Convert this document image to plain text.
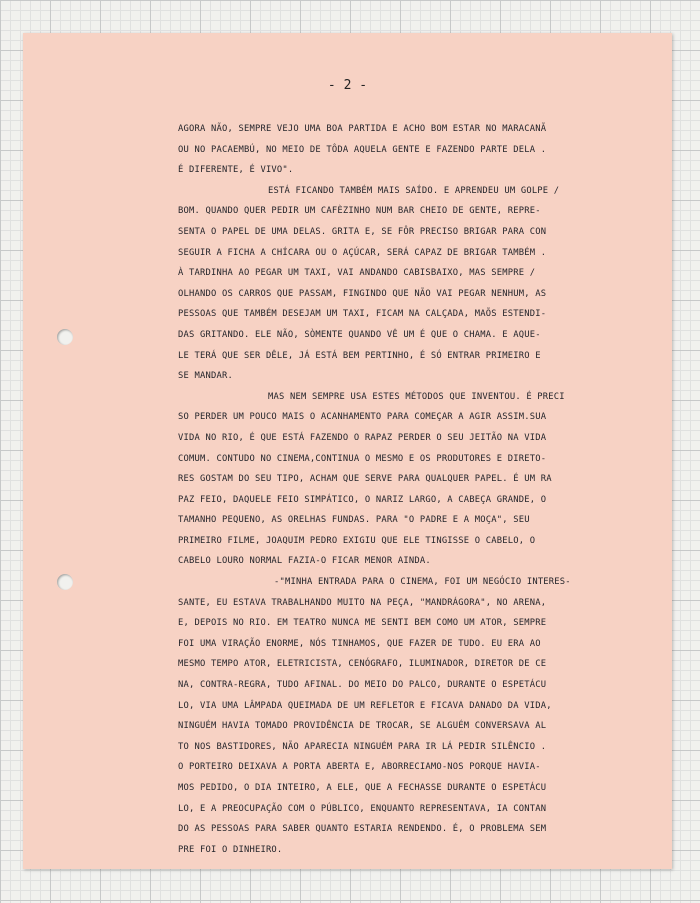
- 2 -
AGORA NÃO, SEMPRE VEJO UMA BOA PARTIDA E ACHO BOM ESTAR NO MARACANÃ
OU NO PACAEMBÚ, NO MEIO DE TÔDA AQUELA GENTE E FAZENDO PARTE DELA .
É DIFERENTE, É VIVO".
ESTÁ FICANDO TAMBÉM MAIS SAÍDO. E APRENDEU UM GOLPE /
BOM. QUANDO QUER PEDIR UM CAFÈZINHO NUM BAR CHEIO DE GENTE, REPRE-
SENTA O PAPEL DE UMA DELAS. GRITA E, SE FÔR PRECISO BRIGAR PARA CON
SEGUIR A FICHA A CHÍCARA OU O AÇÚCAR, SERÁ CAPAZ DE BRIGAR TAMBÉM .
À TARDINHA AO PEGAR UM TAXI, VAI ANDANDO CABISBAIXO, MAS SEMPRE /
OLHANDO OS CARROS QUE PASSAM, FINGINDO QUE NÃO VAI PEGAR NENHUM, AS
PESSOAS QUE TAMBÉM DESEJAM UM TAXI, FICAM NA CALÇADA, MAÕS ESTENDI-
DAS GRITANDO. ELE NÃO, SÒMENTE QUANDO VÊ UM É QUE O CHAMA. E AQUE-
LE TERÁ QUE SER DÊLE, JÁ ESTÁ BEM PERTINHO, É SÓ ENTRAR PRIMEIRO E
SE MANDAR.
MAS NEM SEMPRE USA ESTES MÉTODOS QUE INVENTOU. É PRECI
SO PERDER UM POUCO MAIS O ACANHAMENTO PARA COMEÇAR A AGIR ASSIM.SUA
VIDA NO RIO, É QUE ESTÁ FAZENDO O RAPAZ PERDER O SEU JEITÃO NA VIDA
COMUM. CONTUDO NO CINEMA,CONTINUA O MESMO E OS PRODUTORES E DIRETO-
RES GOSTAM DO SEU TIPO, ACHAM QUE SERVE PARA QUALQUER PAPEL. É UM RA
PAZ FEIO, DAQUELE FEIO SIMPÁTICO, O NARIZ LARGO, A CABEÇA GRANDE, O
TAMANHO PEQUENO, AS ORELHAS FUNDAS. PARA "O PADRE E A MOÇA", SEU
PRIMEIRO FILME, JOAQUIM PEDRO EXIGIU QUE ELE TINGISSE O CABELO, O
CABELO LOURO NORMAL FAZIA-O FICAR MENOR AINDA.
-"MINHA ENTRADA PARA O CINEMA, FOI UM NEGÓCIO INTERES-
SANTE, EU ESTAVA TRABALHANDO MUITO NA PEÇA, "MANDRÁGORA", NO ARENA,
E, DEPOIS NO RIO. EM TEATRO NUNCA ME SENTI BEM COMO UM ATOR, SEMPRE
FOI UMA VIRAÇÃO ENORME, NÓS TINHAMOS, QUE FAZER DE TUDO. EU ERA AO
MESMO TEMPO ATOR, ELETRICISTA, CENÓGRAFO, ILUMINADOR, DIRETOR DE CE
NA, CONTRA-REGRA, TUDO AFINAL. DO MEIO DO PALCO, DURANTE O ESPETÁCU
LO, VIA UMA LÂMPADA QUEIMADA DE UM REFLETOR E FICAVA DANADO DA VIDA,
NINGUÉM HAVIA TOMADO PROVIDÊNCIA DE TROCAR, SE ALGUÉM CONVERSAVA AL
TO NOS BASTIDORES, NÃO APARECIA NINGUÉM PARA IR LÁ PEDIR SILÊNCIO .
O PORTEIRO DEIXAVA A PORTA ABERTA E, ABORRECIAMO-NOS PORQUE HAVIA-
MOS PEDIDO, O DIA INTEIRO, A ELE, QUE A FECHASSE DURANTE O ESPETÁCU
LO, E A PREOCUPAÇÃO COM O PÚBLICO, ENQUANTO REPRESENTAVA, IA CONTAN
DO AS PESSOAS PARA SABER QUANTO ESTARIA RENDENDO. É, O PROBLEMA SEM
PRE FOI O DINHEIRO.
